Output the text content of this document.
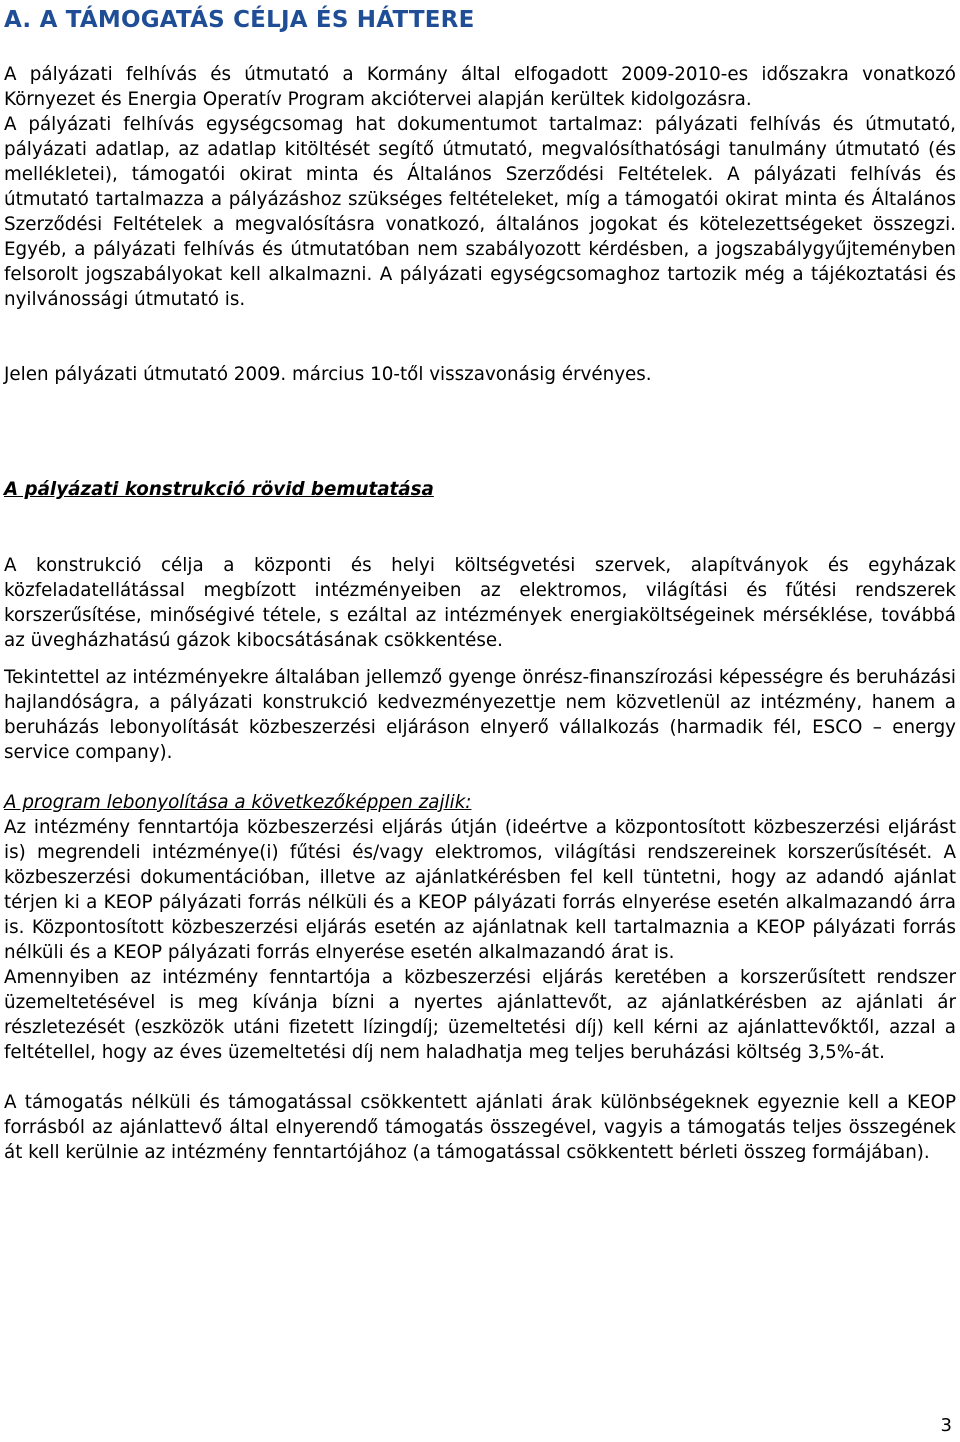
A. A TÁMOGATÁS CÉLJA ÉS HÁTTERE

A pályázati felhívás és útmutató a Kormány által elfogadott 2009-2010-es időszakra vonatkozó Környezet és Energia Operatív Program akciótervei alapján kerültek kidolgozásra.

A pályázati felhívás egységcsomag hat dokumentumot tartalmaz: pályázati felhívás és útmutató, pályázati adatlap, az adatlap kitöltését segítő útmutató, megvalósíthatósági tanulmány útmutató (és mellékletei), támogatói okirat minta és Általános Szerződési Feltételek. A pályázati felhívás és útmutató tartalmazza a pályázáshoz szükséges feltételeket, míg a támogatói okirat minta és Általános Szerződési Feltételek a megvalósításra vonatkozó, általános jogokat és kötelezettségeket összegzi. Egyéb, a pályázati felhívás és útmutatóban nem szabályozott kérdésben, a jogszabálygyűjteményben felsorolt jogszabályokat kell alkalmazni. A pályázati egységcsomaghoz tartozik még a tájékoztatási és nyilvánossági útmutató is.

Jelen pályázati útmutató 2009. március 10-től visszavonásig érvényes.

A pályázati konstrukció rövid bemutatása

A konstrukció célja a központi és helyi költségvetési szervek, alapítványok és egyházak közfeladatellátással megbízott intézményeiben az elektromos, világítási és fűtési rendszerek korszerűsítése, minőségivé tétele, s ezáltal az intézmények energiaköltségeinek mérséklése, továbbá az üvegházhatású gázok kibocsátásának csökkentése.

Tekintettel az intézményekre általában jellemző gyenge önrész-finanszírozási képességre és beruházási hajlandóságra, a pályázati konstrukció kedvezményezettje nem közvetlenül az intézmény, hanem a beruházás lebonyolítását közbeszerzési eljáráson elnyerő vállalkozás (harmadik fél, ESCO – energy service company).

A program lebonyolítása a következőképpen zajlik:

Az intézmény fenntartója közbeszerzési eljárás útján (ideértve a központosított közbeszerzési eljárást is) megrendeli intézménye(i) fűtési és/vagy elektromos, világítási rendszereinek korszerűsítését. A közbeszerzési dokumentációban, illetve az ajánlatkérésben fel kell tüntetni, hogy az adandó ajánlat térjen ki a KEOP pályázati forrás nélküli és a KEOP pályázati forrás elnyerése esetén alkalmazandó árra is. Központosított közbeszerzési eljárás esetén az ajánlatnak kell tartalmaznia a KEOP pályázati forrás nélküli és a KEOP pályázati forrás elnyerése esetén alkalmazandó árat is.

Amennyiben az intézmény fenntartója a közbeszerzési eljárás keretében a korszerűsített rendszer üzemeltetésével is meg kívánja bízni a nyertes ajánlattevőt, az ajánlatkérésben az ajánlati ár részletezését (eszközök utáni fizetett lízingdíj; üzemeltetési díj) kell kérni az ajánlattevőktől, azzal a feltétellel, hogy az éves üzemeltetési díj nem haladhatja meg teljes beruházási költség 3,5%-át.

A támogatás nélküli és támogatással csökkentett ajánlati árak különbségeknek egyeznie kell a KEOP forrásból az ajánlattevő által elnyerendő támogatás összegével, vagyis a támogatás teljes összegének át kell kerülnie az intézmény fenntartójához (a támogatással csökkentett bérleti összeg formájában).

3
